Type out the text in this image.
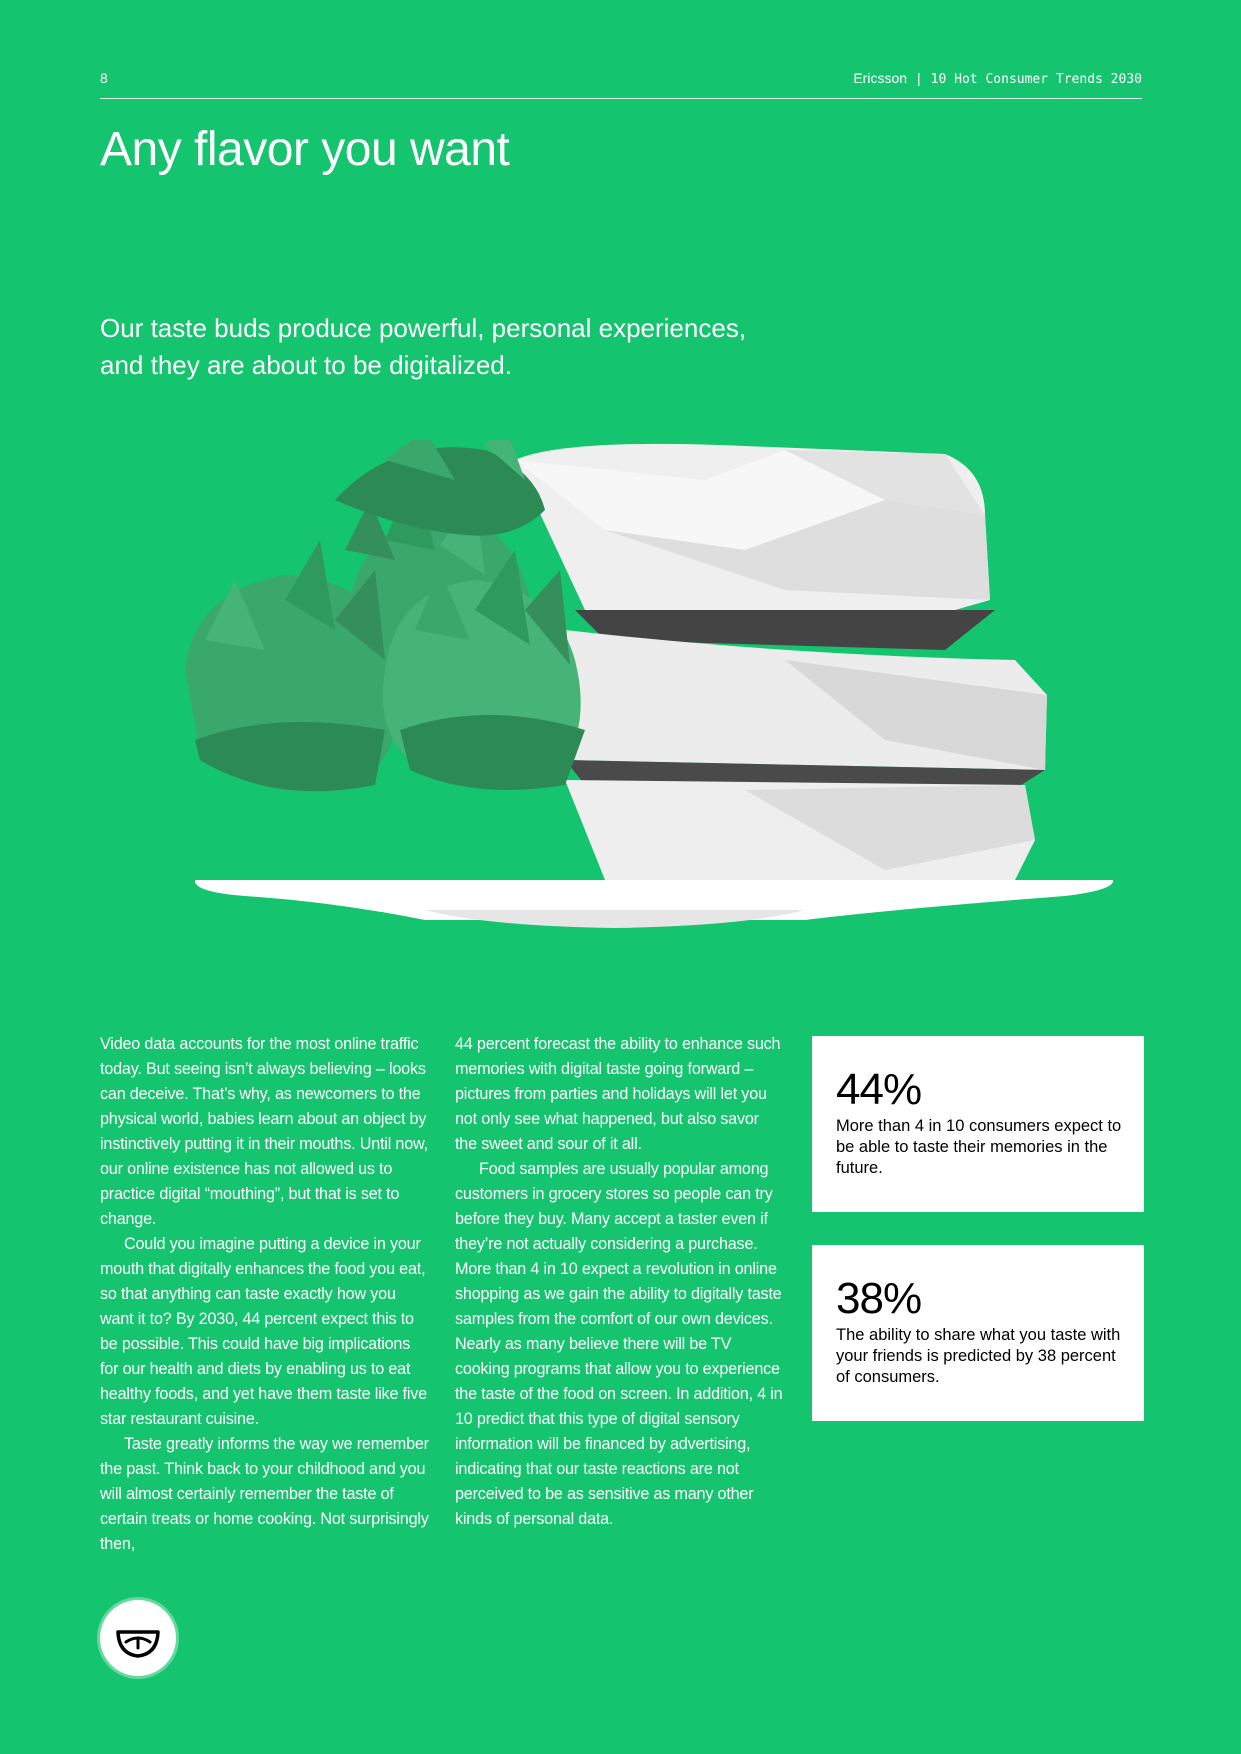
8	Ericsson | 10 Hot Consumer Trends 2030
Any flavor you want

Our taste buds produce powerful, personal experiences, and they are about to be digitalized.

Video data accounts for the most online traffic today. But seeing isn’t always believing – looks can deceive. That’s why, as newcomers to the physical world, babies learn about an object by instinctively putting it in their mouths. Until now, our online existence has not allowed us to practice digital “mouthing”, but that is set to change.

Could you imagine putting a device in your mouth that digitally enhances the food you eat, so that anything can taste exactly how you want it to? By 2030, 44 percent expect this to be possible. This could have big implications for our health and diets by enabling us to eat healthy foods, and yet have them taste like five star restaurant cuisine.

Taste greatly informs the way we remember the past. Think back to your childhood and you will almost certainly remember the taste of certain treats or home cooking. Not surprisingly then,

44 percent forecast the ability to enhance such memories with digital taste going forward – pictures from parties and holidays will let you not only see what happened, but also savor the sweet and sour of it all.

Food samples are usually popular among customers in grocery stores so people can try before they buy. Many accept a taster even if they’re not actually considering a purchase. More than 4 in 10 expect a revolution in online shopping as we gain the ability to digitally taste samples from the comfort of our own devices. Nearly as many believe there will be TV cooking programs that allow you to experience the taste of the food on screen. In addition, 4 in 10 predict that this type of digital sensory information will be financed by advertising, indicating that our taste reactions are not perceived to be as sensitive as many other kinds of personal data.

44%

More than 4 in 10 consumers expect to be able to taste their memories in the future.

38%

The ability to share what you taste with your friends is predicted by 38 percent of consumers.
